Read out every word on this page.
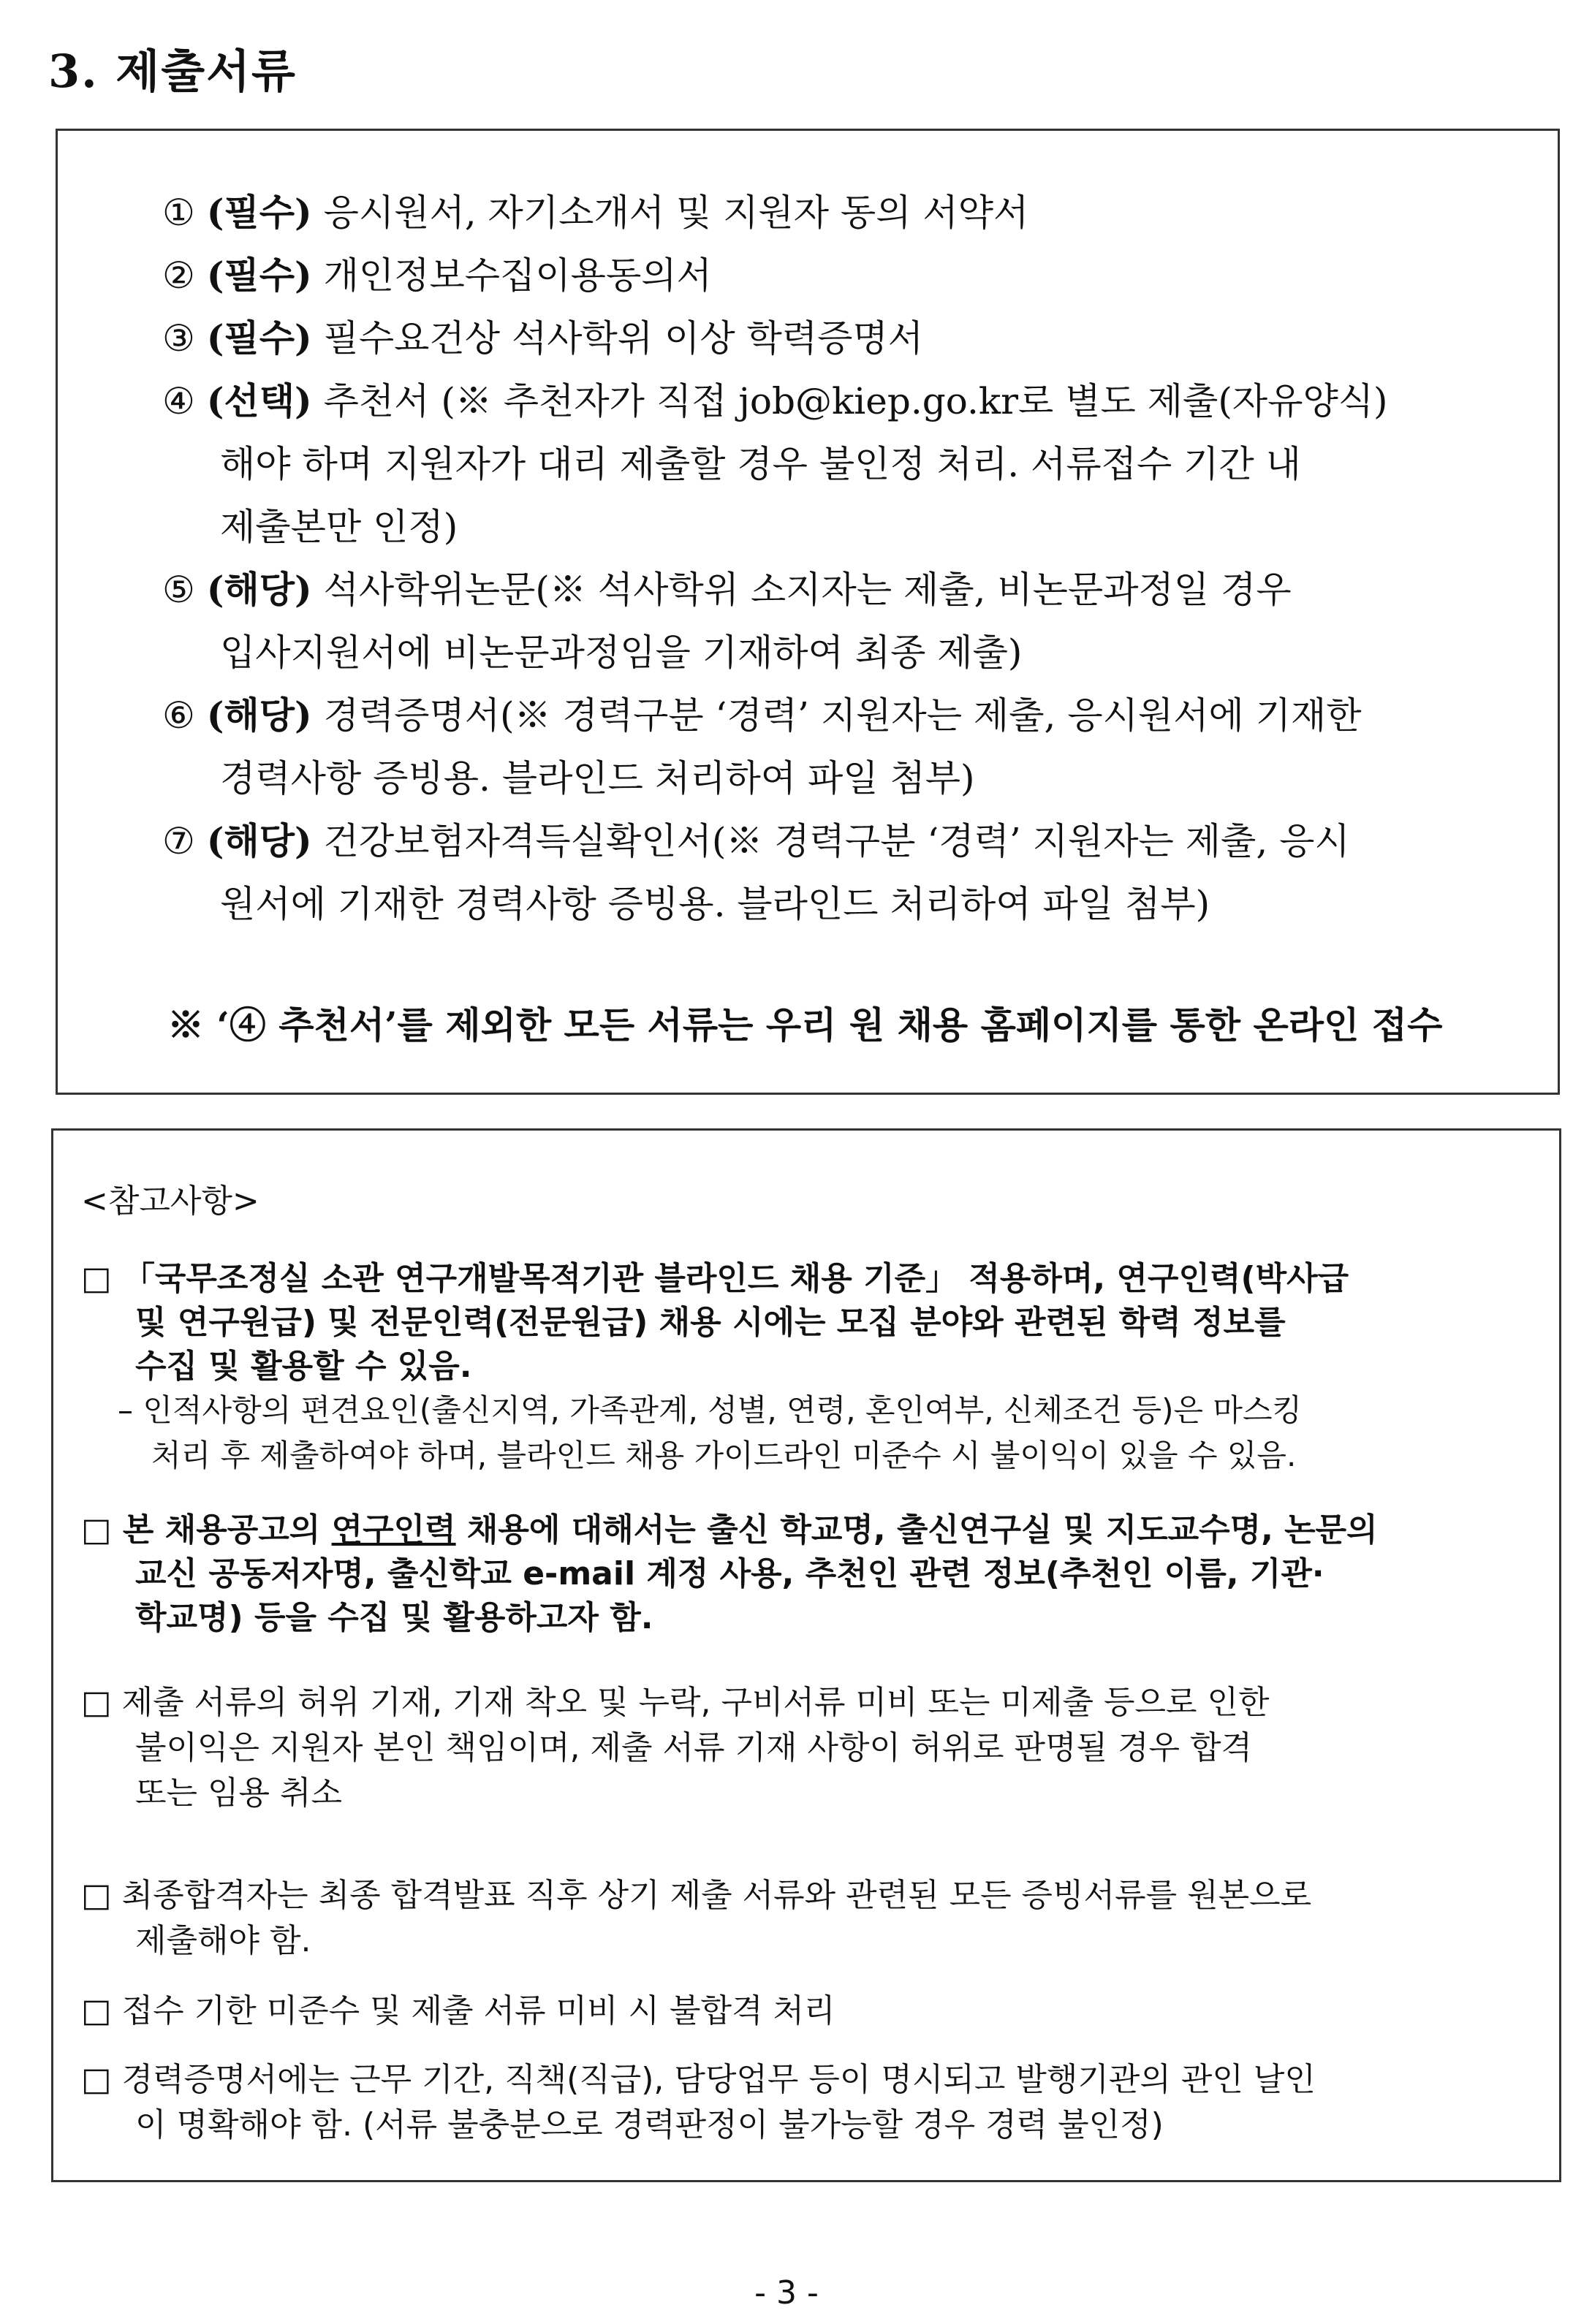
3. 제출서류
① (필수) 응시원서, 자기소개서 및 지원자 동의 서약서
② (필수) 개인정보수집이용동의서
③ (필수) 필수요건상 석사학위 이상 학력증명서
④ (선택) 추천서 (※ 추천자가 직접 job@kiep.go.kr로 별도 제출(자유양식)
해야 하며 지원자가 대리 제출할 경우 불인정 처리. 서류접수 기간 내
제출본만 인정)
⑤ (해당) 석사학위논문(※ 석사학위 소지자는 제출, 비논문과정일 경우
입사지원서에 비논문과정임을 기재하여 최종 제출)
⑥ (해당) 경력증명서(※ 경력구분 ‘경력’ 지원자는 제출, 응시원서에 기재한
경력사항 증빙용. 블라인드 처리하여 파일 첨부)
⑦ (해당) 건강보험자격득실확인서(※ 경력구분 ‘경력’ 지원자는 제출, 응시
원서에 기재한 경력사항 증빙용. 블라인드 처리하여 파일 첨부)
※ ‘④ 추천서’를 제외한 모든 서류는 우리 원 채용 홈페이지를 통한 온라인 접수
<참고사항>
□ 「국무조정실 소관 연구개발목적기관 블라인드 채용 기준」 적용하며, 연구인력(박사급
및 연구원급) 및 전문인력(전문원급) 채용 시에는 모집 분야와 관련된 학력 정보를
수집 및 활용할 수 있음.
– 인적사항의 편견요인(출신지역, 가족관계, 성별, 연령, 혼인여부, 신체조건 등)은 마스킹
처리 후 제출하여야 하며, 블라인드 채용 가이드라인 미준수 시 불이익이 있을 수 있음.
□ 본 채용공고의 연구인력 채용에 대해서는 출신 학교명, 출신연구실 및 지도교수명, 논문의
교신 공동저자명, 출신학교 e-mail 계정 사용, 추천인 관련 정보(추천인 이름, 기관·
학교명) 등을 수집 및 활용하고자 함.
□ 제출 서류의 허위 기재, 기재 착오 및 누락, 구비서류 미비 또는 미제출 등으로 인한
불이익은 지원자 본인 책임이며, 제출 서류 기재 사항이 허위로 판명될 경우 합격
또는 임용 취소
□ 최종합격자는 최종 합격발표 직후 상기 제출 서류와 관련된 모든 증빙서류를 원본으로
제출해야 함.
□ 접수 기한 미준수 및 제출 서류 미비 시 불합격 처리
□ 경력증명서에는 근무 기간, 직책(직급), 담당업무 등이 명시되고 발행기관의 관인 날인
이 명확해야 함. (서류 불충분으로 경력판정이 불가능할 경우 경력 불인정)
- 3 -
